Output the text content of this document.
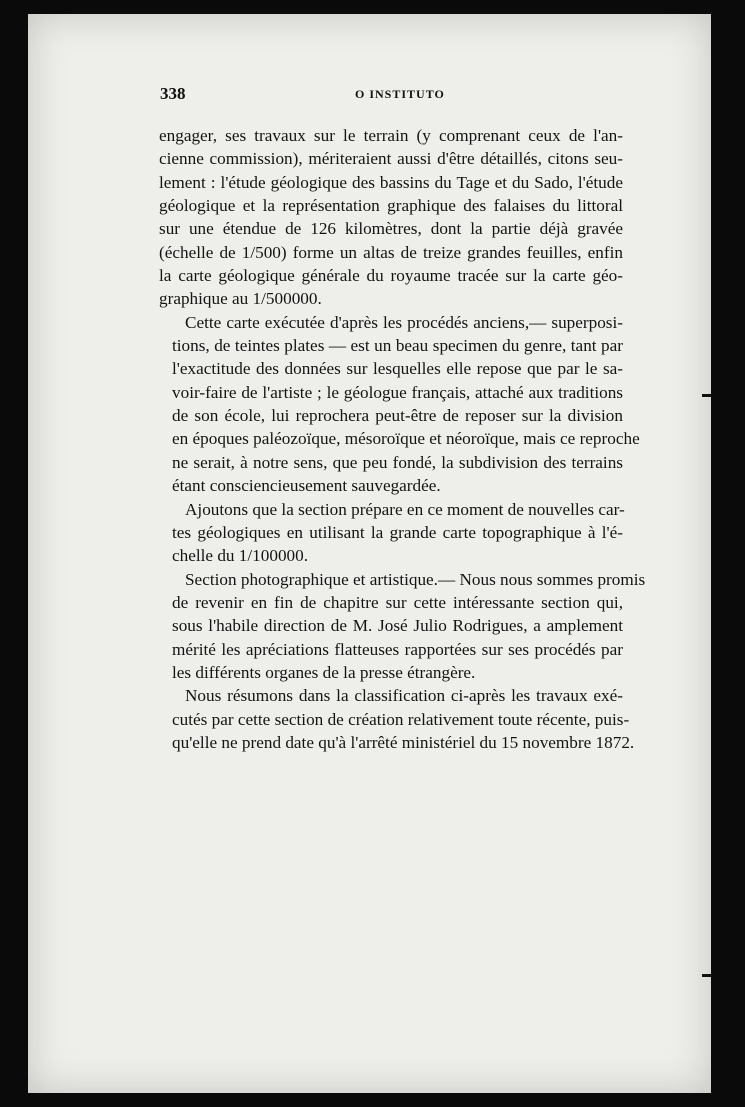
338	O INSTITUTO

engager, ses travaux sur le terrain (y comprenant ceux de l'an-
cienne commission), mériteraient aussi d'être détaillés, citons seu-
lement : l'étude géologique des bassins du Tage et du Sado, l'étude
géologique et la représentation graphique des falaises du littoral
sur une étendue de 126 kilomètres, dont la partie déjà gravée
(échelle de 1/500) forme un altas de treize grandes feuilles, enfin
la carte géologique générale du royaume tracée sur la carte géo-
graphique au 1/500000.

Cette carte exécutée d'après les procédés anciens,— superposi-
tions, de teintes plates — est un beau specimen du genre, tant par
l'exactitude des données sur lesquelles elle repose que par le sa-
voir-faire de l'artiste ; le géologue français, attaché aux traditions
de son école, lui reprochera peut-être de reposer sur la division
en époques paléozoïque, mésoroïque et néoroïque, mais ce reproche
ne serait, à notre sens, que peu fondé, la subdivision des terrains
étant consciencieusement sauvegardée.

Ajoutons que la section prépare en ce moment de nouvelles car-
tes géologiques en utilisant la grande carte topographique à l'é-
chelle du 1/100000.

Section photographique et artistique.— Nous nous sommes promis
de revenir en fin de chapitre sur cette intéressante section qui,
sous l'habile direction de M. José Julio Rodrigues, a amplement
mérité les apréciations flatteuses rapportées sur ses procédés par
les différents organes de la presse étrangère.

Nous résumons dans la classification ci-après les travaux exé-
cutés par cette section de création relativement toute récente, puis-
qu'elle ne prend date qu'à l'arrêté ministériel du 15 novembre 1872.
